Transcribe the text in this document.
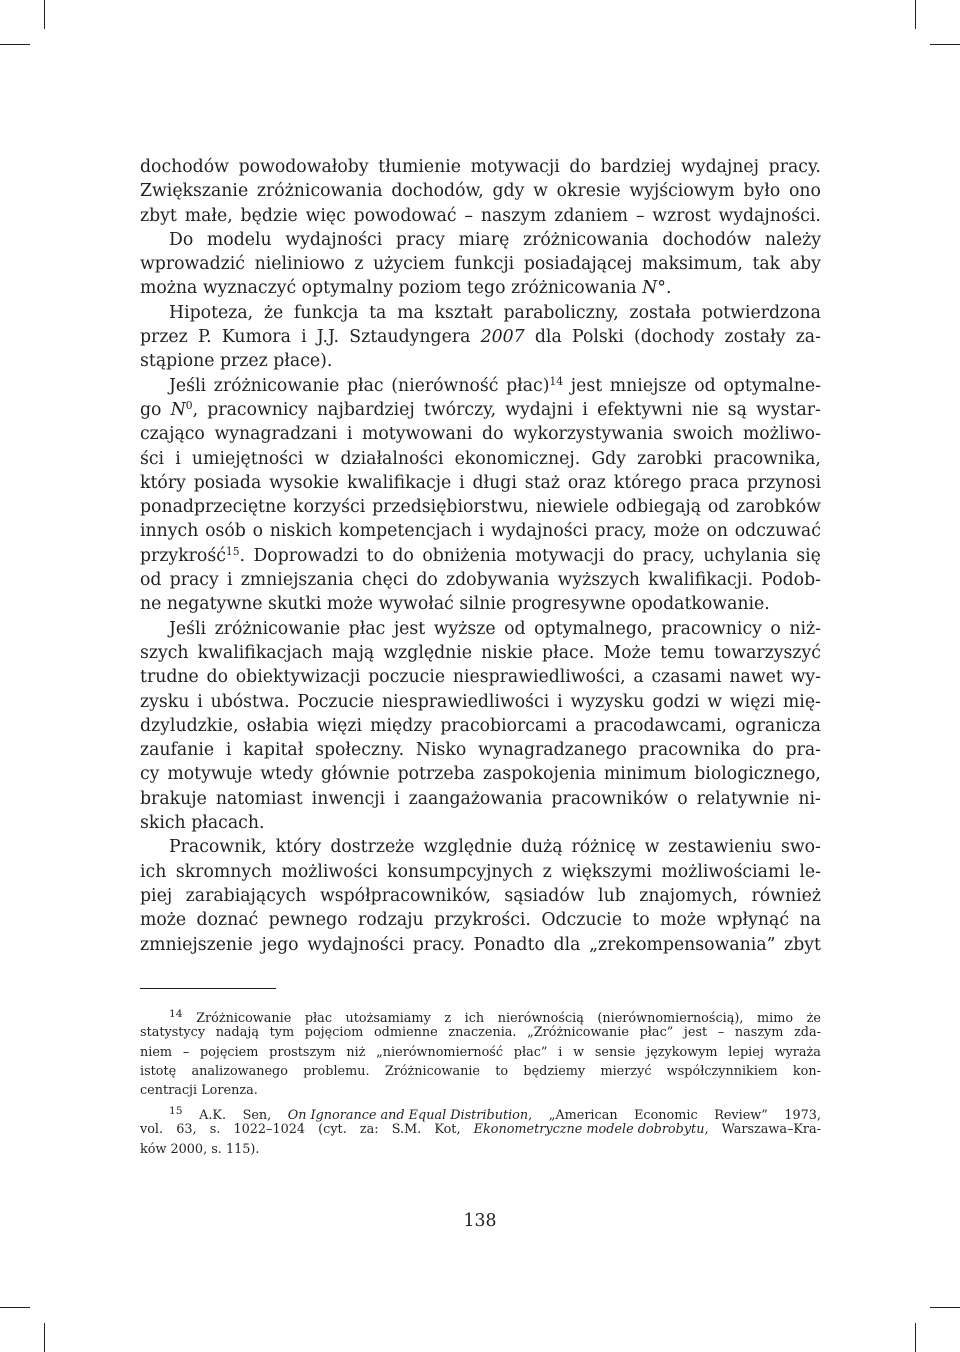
dochodów powodowałoby tłumienie motywacji do bardziej wydajnej pracy.
Zwiększanie zróżnicowania dochodów, gdy w okresie wyjściowym było ono
zbyt małe, będzie więc powodować – naszym zdaniem – wzrost wydajności.
Do modelu wydajności pracy miarę zróżnicowania dochodów należy
wprowadzić nieliniowo z użyciem funkcji posiadającej maksimum, tak aby
można wyznaczyć optymalny poziom tego zróżnicowania N°.
Hipoteza, że funkcja ta ma kształt paraboliczny, została potwierdzona
przez P. Kumora i J.J. Sztaudyngera 2007 dla Polski (dochody zostały za-
stąpione przez płace).
Jeśli zróżnicowanie płac (nierówność płac)$^{14}$ jest mniejsze od optymalne-
go $N^0$, pracownicy najbardziej twórczy, wydajni i efektywni nie są wystar-
czająco wynagradzani i motywowani do wykorzystywania swoich możliwo-
ści i umiejętności w działalności ekonomicznej. Gdy zarobki pracownika,
który posiada wysokie kwalifikacje i długi staż oraz którego praca przynosi
ponadprzeciętne korzyści przedsiębiorstwu, niewiele odbiegają od zarobków
innych osób o niskich kompetencjach i wydajności pracy, może on odczuwać
przykrość$^{15}$. Doprowadzi to do obniżenia motywacji do pracy, uchylania się
od pracy i zmniejszania chęci do zdobywania wyższych kwalifikacji. Podob-
ne negatywne skutki może wywołać silnie progresywne opodatkowanie.
Jeśli zróżnicowanie płac jest wyższe od optymalnego, pracownicy o niż-
szych kwalifikacjach mają względnie niskie płace. Może temu towarzyszyć
trudne do obiektywizacji poczucie niesprawiedliwości, a czasami nawet wy-
zysku i ubóstwa. Poczucie niesprawiedliwości i wyzysku godzi w więzi mię-
dzyludzkie, osłabia więzi między pracobiorcami a pracodawcami, ogranicza
zaufanie i kapitał społeczny. Nisko wynagradzanego pracownika do pra-
cy motywuje wtedy głównie potrzeba zaspokojenia minimum biologicznego,
brakuje natomiast inwencji i zaangażowania pracowników o relatywnie ni-
skich płacach.
Pracownik, który dostrzeże względnie dużą różnicę w zestawieniu swo-
ich skromnych możliwości konsumpcyjnych z większymi możliwościami le-
piej zarabiających współpracowników, sąsiadów lub znajomych, również
może doznać pewnego rodzaju przykrości. Odczucie to może wpłynąć na
zmniejszenie jego wydajności pracy. Ponadto dla „zrekompensowania” zbyt
$^{14}$ Zróżnicowanie płac utożsamiamy z ich nierównością (nierównomiernością), mimo że
statystycy nadają tym pojęciom odmienne znaczenia. „Zróżnicowanie płac” jest – naszym zda-
niem – pojęciem prostszym niż „nierównomierność płac” i w sensie językowym lepiej wyraża
istotę analizowanego problemu. Zróżnicowanie to będziemy mierzyć współczynnikiem kon-
centracji Lorenza.
$^{15}$ A.K. Sen, On Ignorance and Equal Distribution, „American Economic Review” 1973,
vol. 63, s. 1022–1024 (cyt. za: S.M. Kot, Ekonometryczne modele dobrobytu, Warszawa–Kra-
ków 2000, s. 115).
138
